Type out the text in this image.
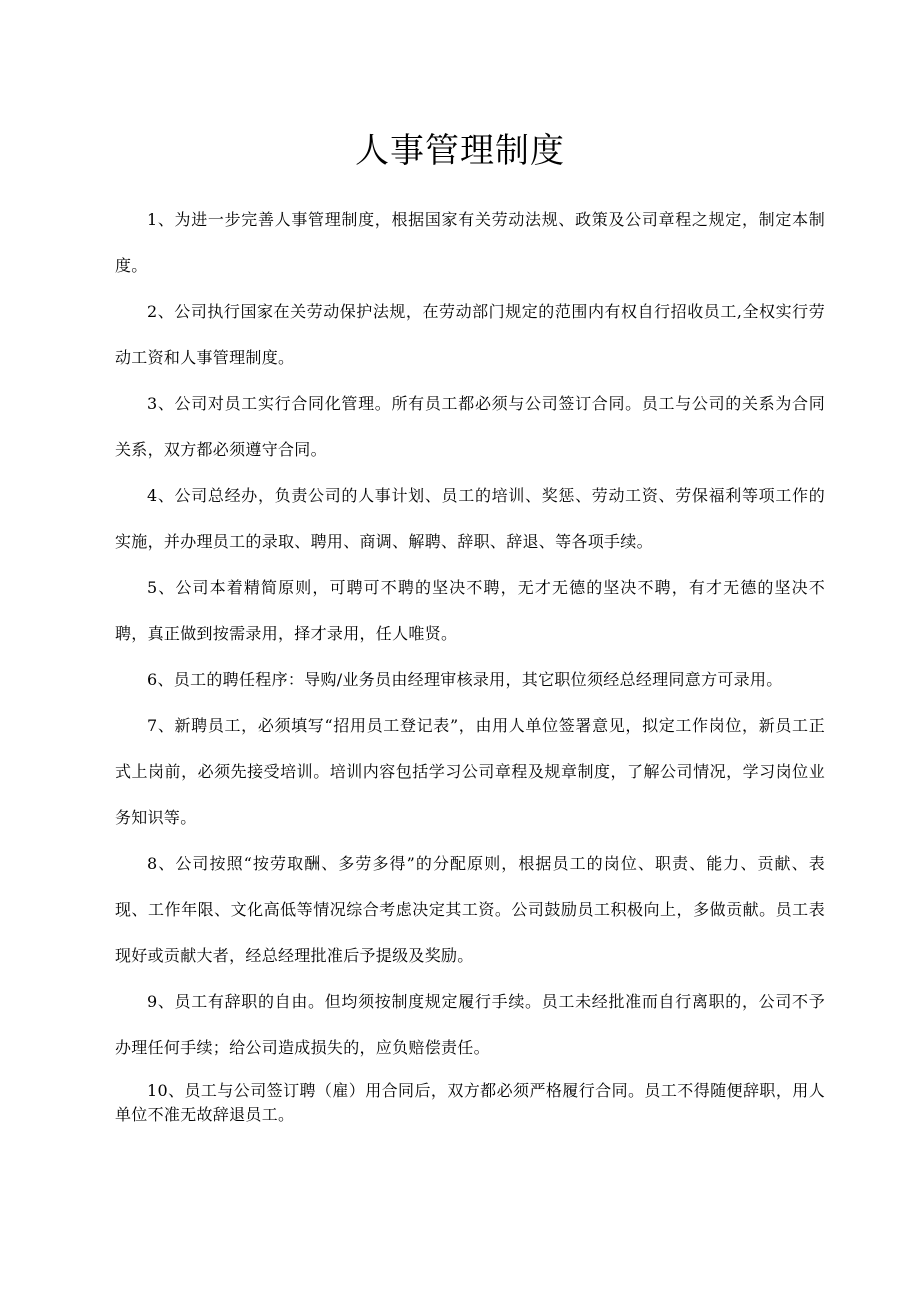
人事管理制度

1、为进一步完善人事管理制度，根据国家有关劳动法规、政策及公司章程之规定，制定本制度。

2、公司执行国家在关劳动保护法规，在劳动部门规定的范围内有权自行招收员工,全权实行劳动工资和人事管理制度。

3、公司对员工实行合同化管理。所有员工都必须与公司签订合同。员工与公司的关系为合同关系，双方都必须遵守合同。

4、公司总经办，负责公司的人事计划、员工的培训、奖惩、劳动工资、劳保福利等项工作的实施，并办理员工的录取、聘用、商调、解聘、辞职、辞退、等各项手续。

5、公司本着精简原则，可聘可不聘的坚决不聘，无才无德的坚决不聘，有才无德的坚决不聘，真正做到按需录用，择才录用，任人唯贤。

6、员工的聘任程序：导购/业务员由经理审核录用，其它职位须经总经理同意方可录用。

7、新聘员工，必须填写“招用员工登记表”，由用人单位签署意见，拟定工作岗位，新员工正式上岗前，必须先接受培训。培训内容包括学习公司章程及规章制度，了解公司情况，学习岗位业务知识等。

8、公司按照“按劳取酬、多劳多得”的分配原则，根据员工的岗位、职责、能力、贡献、表现、工作年限、文化高低等情况综合考虑决定其工资。公司鼓励员工积极向上，多做贡献。员工表现好或贡献大者，经总经理批准后予提级及奖励。

9、员工有辞职的自由。但均须按制度规定履行手续。员工未经批准而自行离职的，公司不予办理任何手续；给公司造成损失的，应负赔偿责任。

10、员工与公司签订聘（雇）用合同后，双方都必须严格履行合同。员工不得随便辞职，用人单位不准无故辞退员工。
